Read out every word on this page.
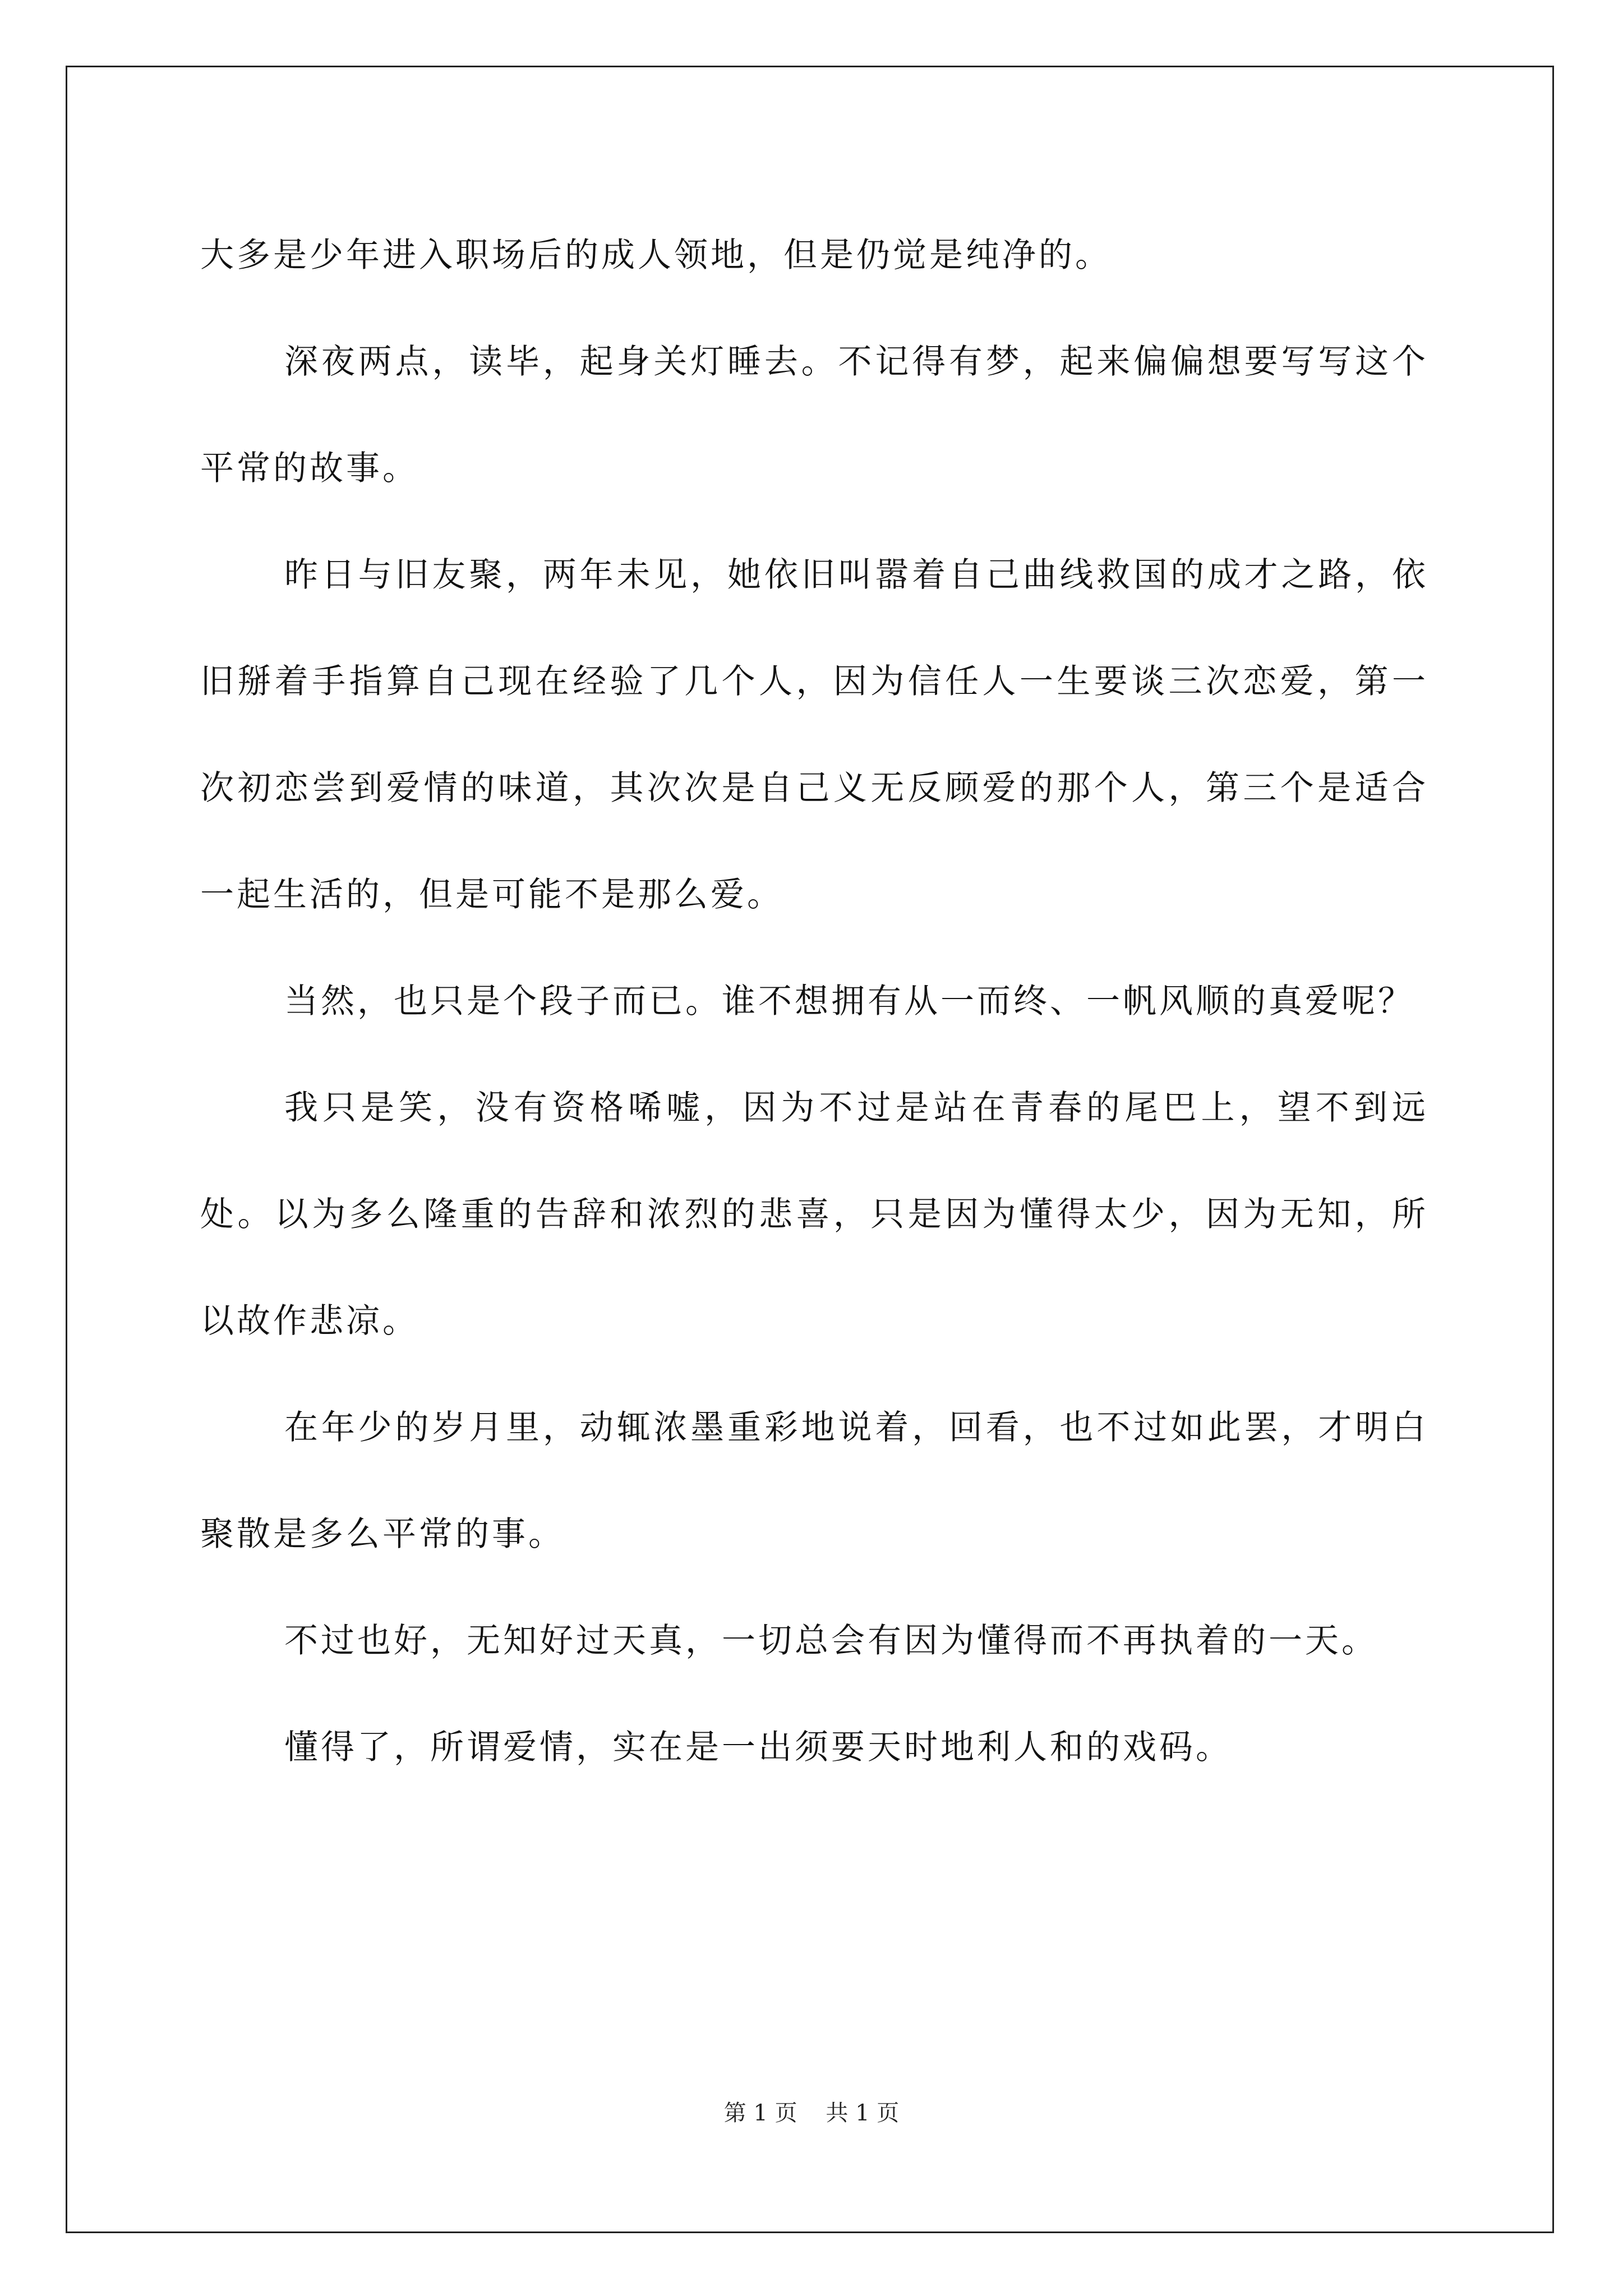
大多是少年进入职场后的成人领地，但是仍觉是纯净的。

深夜两点，读毕，起身关灯睡去。不记得有梦，起来偏偏想要写写这个平常的故事。

昨日与旧友聚，两年未见，她依旧叫嚣着自己曲线救国的成才之路，依旧掰着手指算自己现在经验了几个人，因为信任人一生要谈三次恋爱，第一次初恋尝到爱情的味道，其次次是自己义无反顾爱的那个人，第三个是适合一起生活的，但是可能不是那么爱。

当然，也只是个段子而已。谁不想拥有从一而终、一帆风顺的真爱呢？

我只是笑，没有资格唏嘘，因为不过是站在青春的尾巴上，望不到远处。以为多么隆重的告辞和浓烈的悲喜，只是因为懂得太少，因为无知，所以故作悲凉。

在年少的岁月里，动辄浓墨重彩地说着，回看，也不过如此罢，才明白聚散是多么平常的事。

不过也好，无知好过天真，一切总会有因为懂得而不再执着的一天。

懂得了，所谓爱情，实在是一出须要天时地利人和的戏码。

第 1 页    共 1 页
